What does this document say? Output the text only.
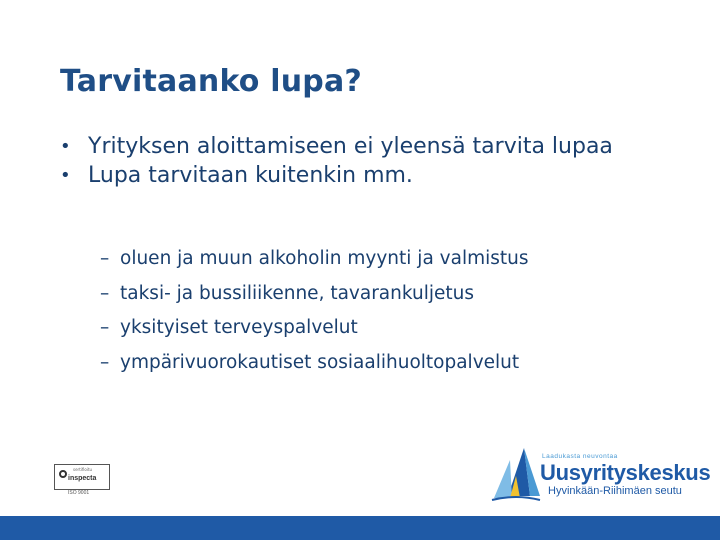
Tarvitaanko lupa?
• Yrityksen aloittamiseen ei yleensä tarvita lupaa
• Lupa tarvitaan kuitenkin mm.
– oluen ja muun alkoholin myynti ja valmistus
– taksi- ja bussiliikenne, tavarankuljetus
– yksityiset terveyspalvelut
– ympärivuorokautiset sosiaalihuoltopalvelut
sertifioitu
inspecta
ISO 9001
Laadukasta neuvontaa
Uusyrityskeskus
Hyvinkään-Riihimäen seutu
